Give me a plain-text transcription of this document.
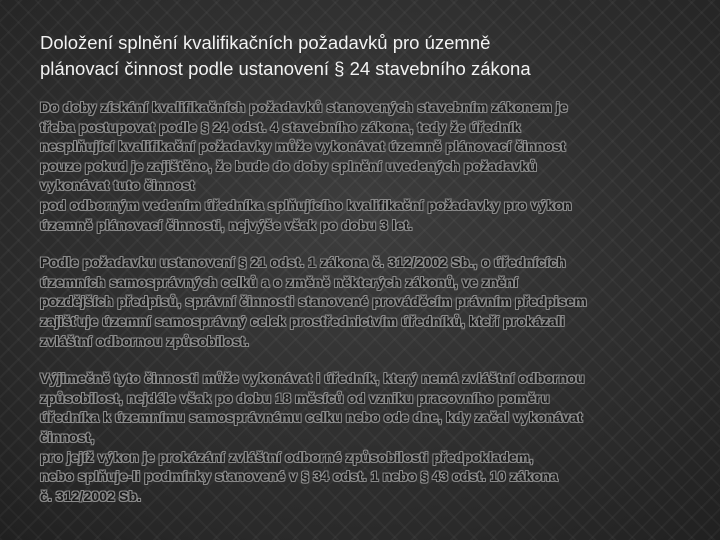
Doložení splnění kvalifikačních požadavků pro územně
plánovací činnost podle ustanovení § 24 stavebního zákona

Do doby získání kvalifikačních požadavků stanovených stavebním zákonem je
třeba postupovat podle § 24 odst. 4 stavebního zákona, tedy že úředník
nesplňující kvalifikační požadavky může vykonávat územně plánovací činnost
pouze pokud je zajištěno, že bude do doby splnění uvedených požadavků
vykonávat tuto činnost
pod odborným vedením úředníka splňujícího kvalifikační požadavky pro výkon
územně plánovací činnosti, nejvýše však po dobu 3 let.

Podle požadavku ustanovení § 21 odst. 1 zákona č. 312/2002 Sb., o úřednících
územních samosprávných celků a o změně některých zákonů, ve znění
pozdějších předpisů, správní činnosti stanovené prováděcím právním předpisem
zajišťuje územní samosprávný celek prostřednictvím úředníků, kteří prokázali
zvláštní odbornou způsobilost.

Výjimečně tyto činnosti může vykonávat i úředník, který nemá zvláštní odbornou
způsobilost, nejdéle však po dobu 18 měsíců od vzniku pracovního poměru
úředníka k územnímu samosprávnému celku nebo ode dne, kdy začal vykonávat
činnost,
pro jejíž výkon je prokázání zvláštní odborné způsobilosti předpokladem,
nebo splňuje-li podmínky stanovené v § 34 odst. 1 nebo § 43 odst. 10 zákona
č. 312/2002 Sb.
